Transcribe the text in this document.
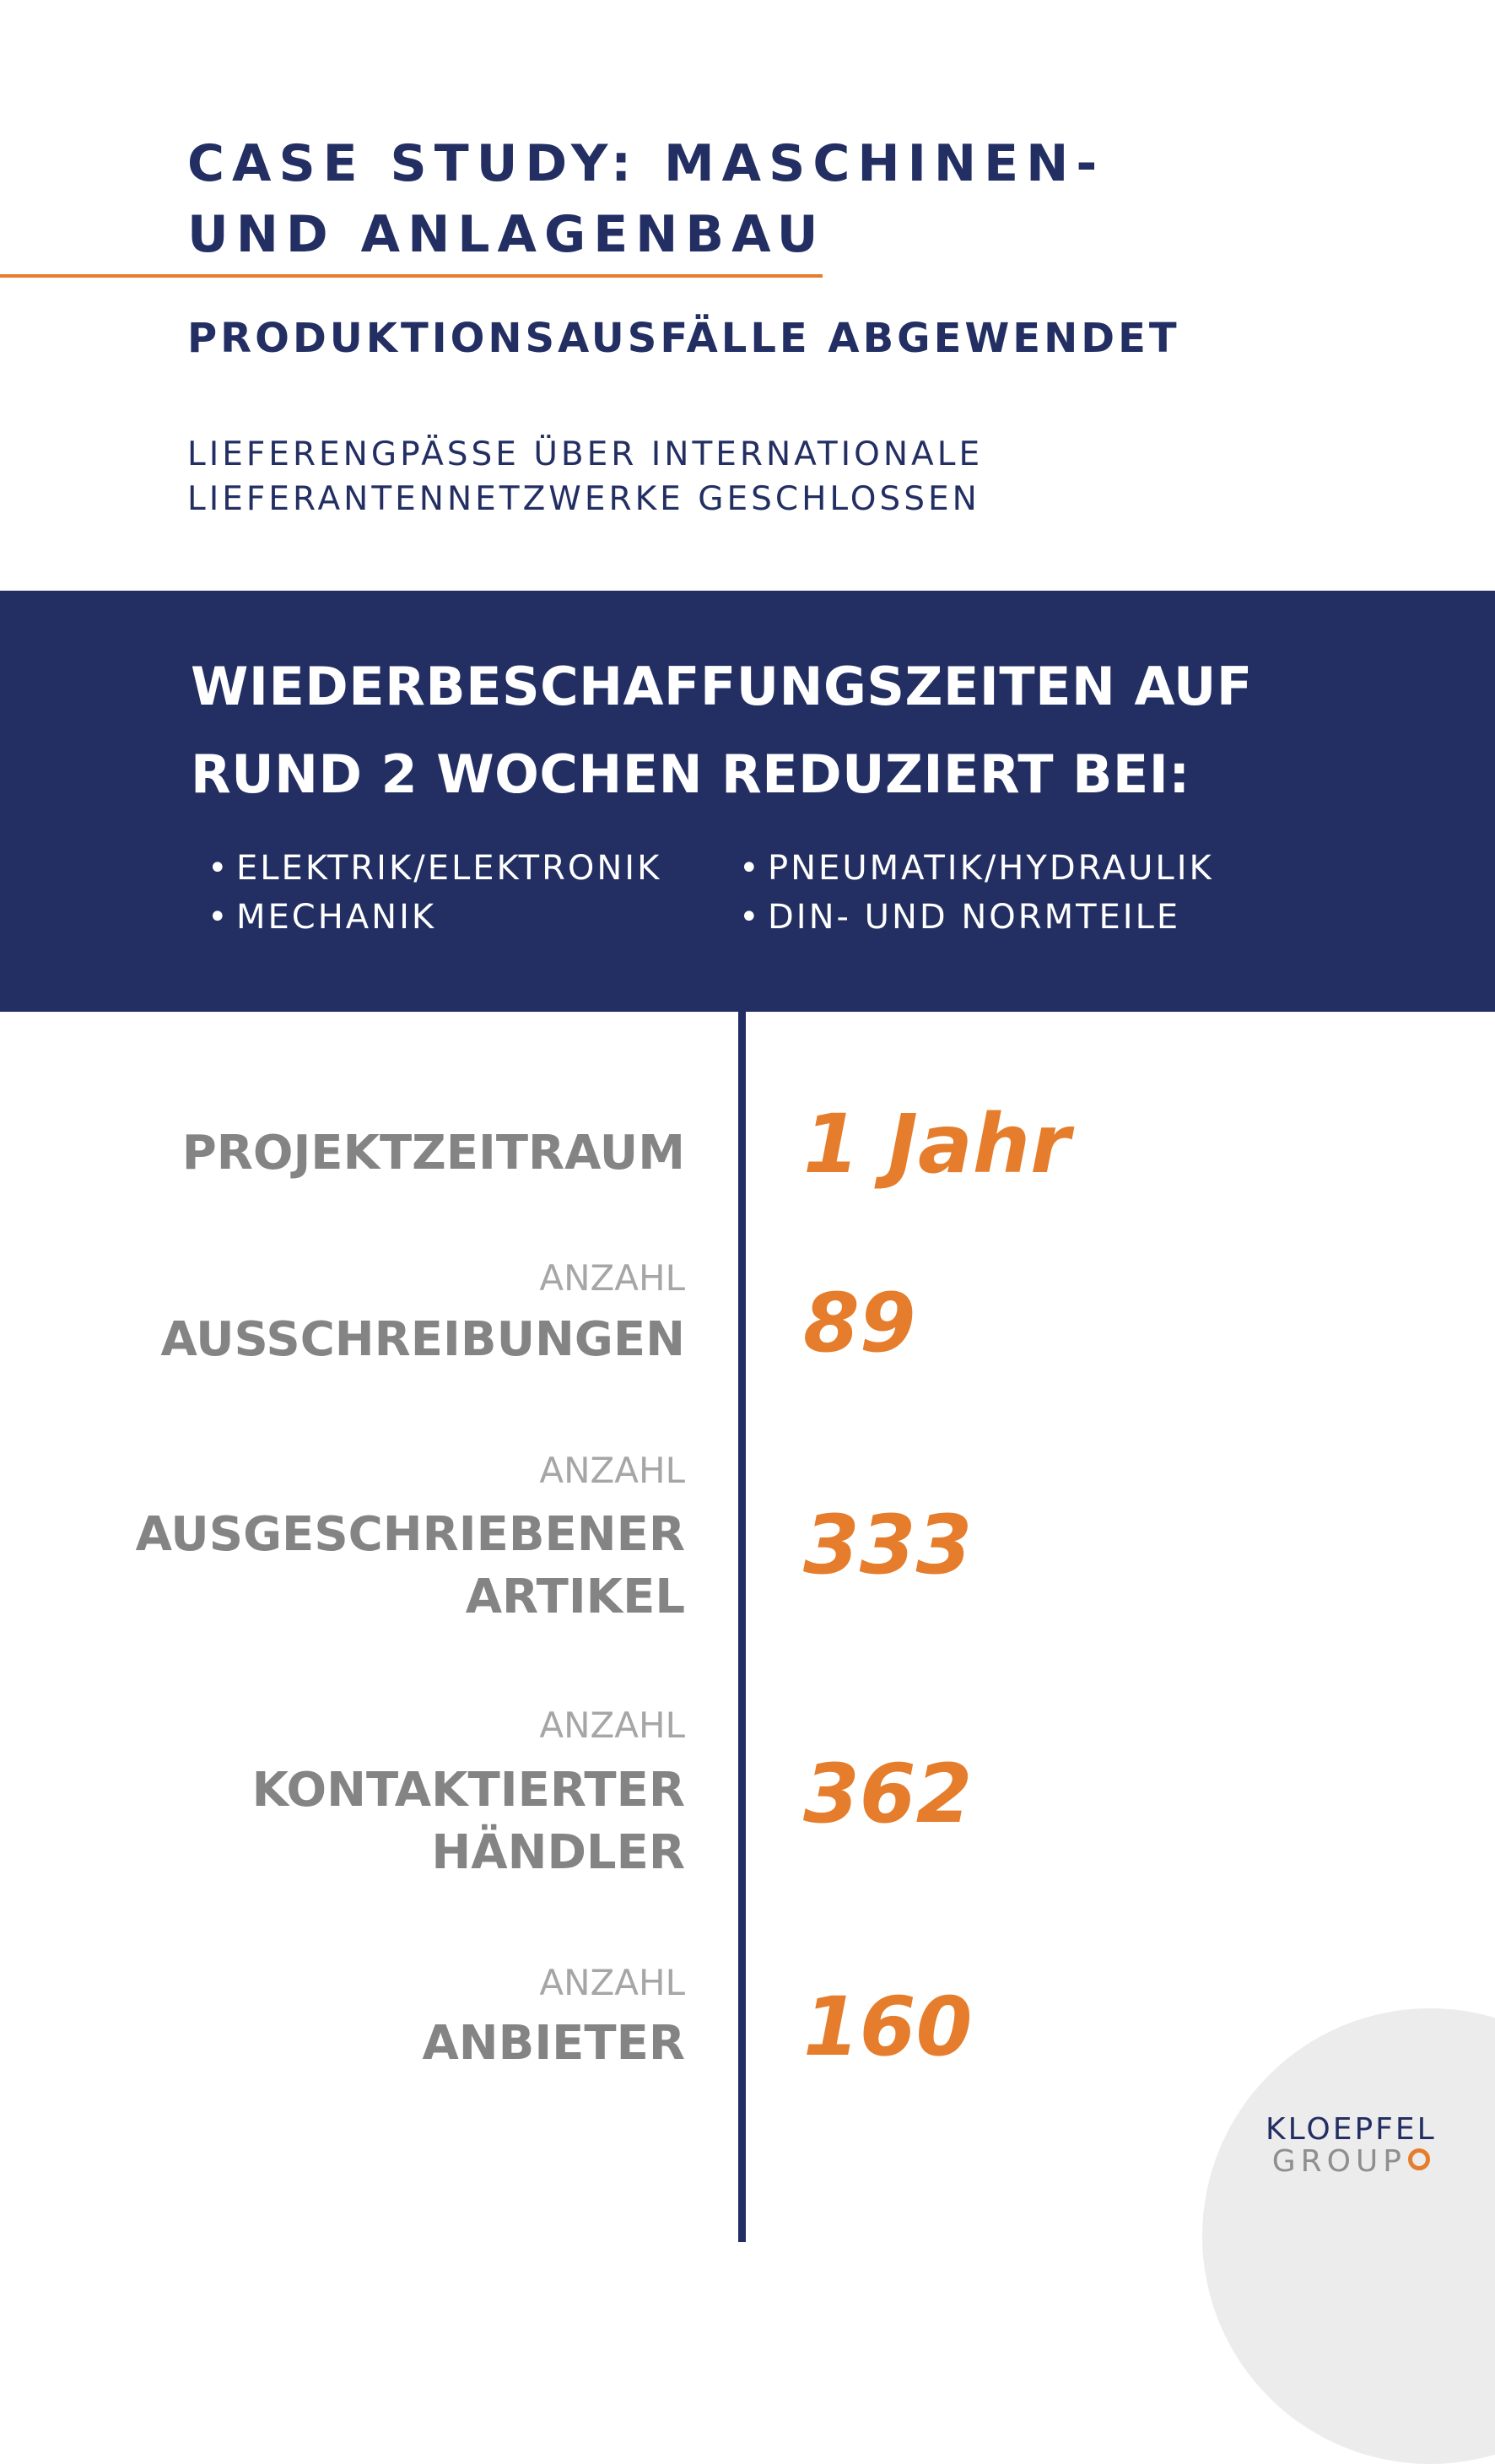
CASE STUDY: MASCHINEN-
UND ANLAGENBAU
PRODUKTIONSAUSFÄLLE ABGEWENDET
LIEFERENGPÄSSE ÜBER INTERNATIONALE
LIEFERANTENNETZWERKE GESCHLOSSEN
WIEDERBESCHAFFUNGSZEITEN AUF
RUND 2 WOCHEN REDUZIERT BEI:
• ELEKTRIK/ELEKTRONIK
• MECHANIK
• PNEUMATIK/HYDRAULIK
• DIN- UND NORMTEILE
PROJEKTZEITRAUM 1 Jahr
ANZAHL
AUSSCHREIBUNGEN 89
ANZAHL
AUSGESCHRIEBENER
ARTIKEL
333
ANZAHL
KONTAKTIERTER
HÄNDLER
362
ANZAHL
ANBIETER 160
KLOEPFEL
GROUP
